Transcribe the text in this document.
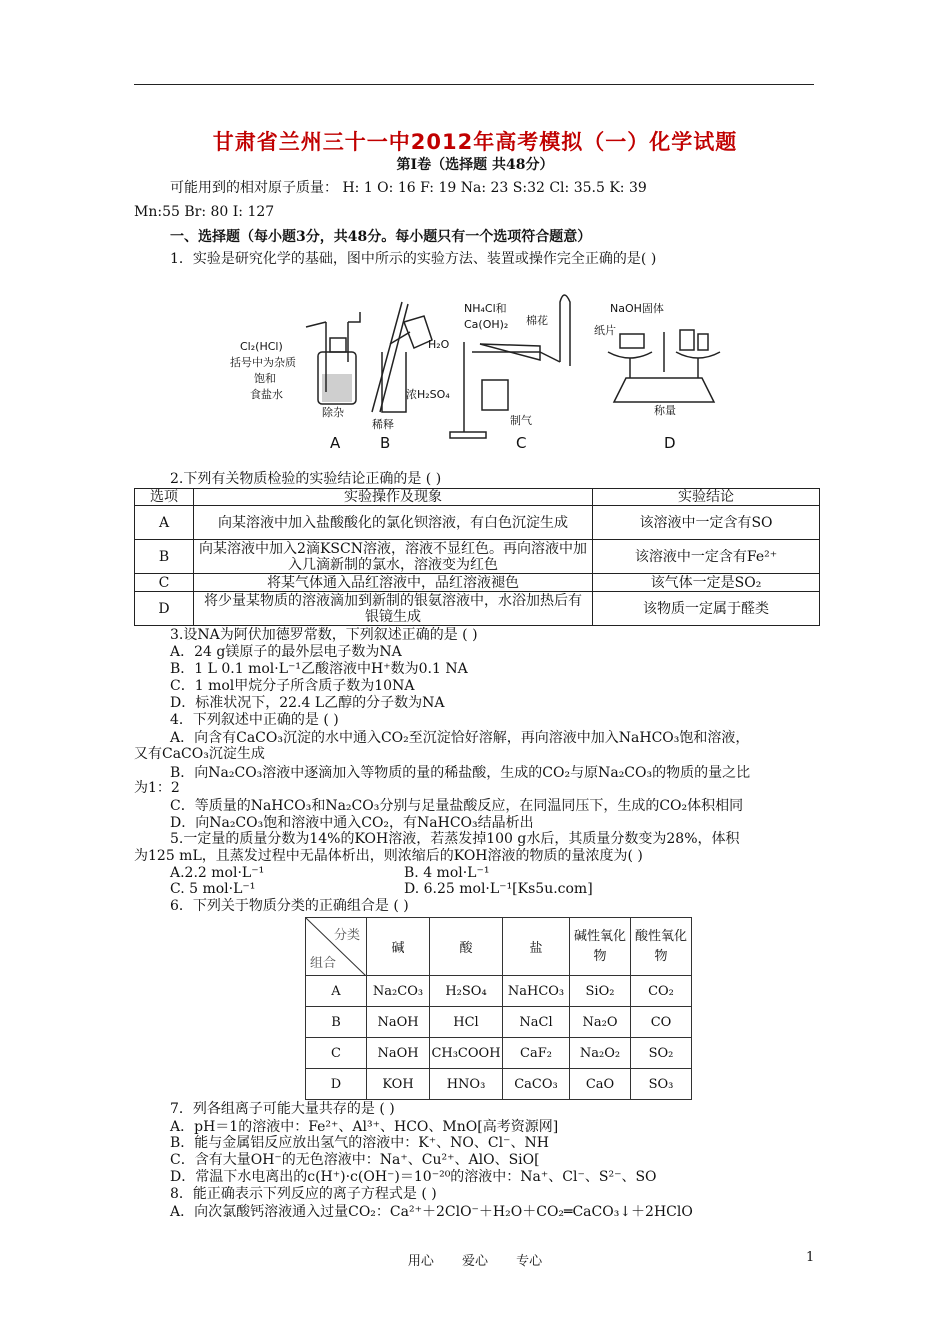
甘肃省兰州三十一中2012年高考模拟（一）化学试题
第Ⅰ卷（选择题 共48分）
可能用到的相对原子质量： H: 1 O: 16 F: 19 Na: 23 S:32 Cl: 35.5 K: 39
Mn:55 Br: 80 I: 127
一、选择题（每小题3分，共48分。每小题只有一个选项符合题意）
1．实验是研究化学的基础，图中所示的实验方法、装置或操作完全正确的是( )
Cl₂(HCl)
括号中为杂质
饱和
食盐水
除杂
A
H₂O
浓H₂SO₄
稀释
B
NH₄Cl和
Ca(OH)₂ 棉花
制气
C
NaOH固体
纸片
称量
D
2.下列有关物质检验的实验结论正确的是 ( )
选项	实验操作及现象	实验结论
A	向某溶液中加入盐酸酸化的氯化钡溶液，有白色沉淀生成	该溶液中一定含有SO
B	向某溶液中加入2滴KSCN溶液，溶液不显红色。再向溶液中加入几滴新制的氯水，溶液变为红色	该溶液中一定含有Fe²⁺
C	将某气体通入品红溶液中，品红溶液褪色	该气体一定是SO₂
D	将少量某物质的溶液滴加到新制的银氨溶液中，水浴加热后有银镜生成	该物质一定属于醛类
3.设NA为阿伏加德罗常数，下列叙述正确的是 ( )
A．24 g镁原子的最外层电子数为NA
B．1 L 0.1 mol·L⁻¹乙酸溶液中H⁺数为0.1 NA
C．1 mol甲烷分子所含质子数为10NA
D．标准状况下，22.4 L乙醇的分子数为NA
4．下列叙述中正确的是 ( )
A．向含有CaCO₃沉淀的水中通入CO₂至沉淀恰好溶解，再向溶液中加入NaHCO₃饱和溶液，
又有CaCO₃沉淀生成
B．向Na₂CO₃溶液中逐滴加入等物质的量的稀盐酸，生成的CO₂与原Na₂CO₃的物质的量之比
为1：2
C．等质量的NaHCO₃和Na₂CO₃分别与足量盐酸反应，在同温同压下，生成的CO₂体积相同
D．向Na₂CO₃饱和溶液中通入CO₂，有NaHCO₃结晶析出
5.一定量的质量分数为14%的KOH溶液，若蒸发掉100 g水后，其质量分数变为28%，体积
为125 mL，且蒸发过程中无晶体析出，则浓缩后的KOH溶液的物质的量浓度为( )
A.2.2 mol·L⁻¹	B. 4 mol·L⁻¹
C. 5 mol·L⁻¹	D. 6.25 mol·L⁻¹[Ks5u.com]
6．下列关于物质分类的正确组合是 ( )
分类
组合	碱	酸	盐	碱性氧化物	酸性氧化物
A	Na₂CO₃	H₂SO₄	NaHCO₃	SiO₂	CO₂
B	NaOH	HCl	NaCl	Na₂O	CO
C	NaOH	CH₃COOH	CaF₂	Na₂O₂	SO₂
D	KOH	HNO₃	CaCO₃	CaO	SO₃
7．列各组离子可能大量共存的是 ( )
A．pH＝1的溶液中：Fe²⁺、Al³⁺、HCO、MnO[高考资源网]
B．能与金属铝反应放出氢气的溶液中：K⁺、NO、Cl⁻、NH
C．含有大量OH⁻的无色溶液中：Na⁺、Cu²⁺、AlO、SiO[
D．常温下水电离出的c(H⁺)·c(OH⁻)＝10⁻²⁰的溶液中：Na⁺、Cl⁻、S²⁻、SO
8．能正确表示下列反应的离子方程式是 ( )
A．向次氯酸钙溶液通入过量CO₂：Ca²⁺＋2ClO⁻＋H₂O＋CO₂═CaCO₃↓＋2HClO
用心 爱心 专心	1
